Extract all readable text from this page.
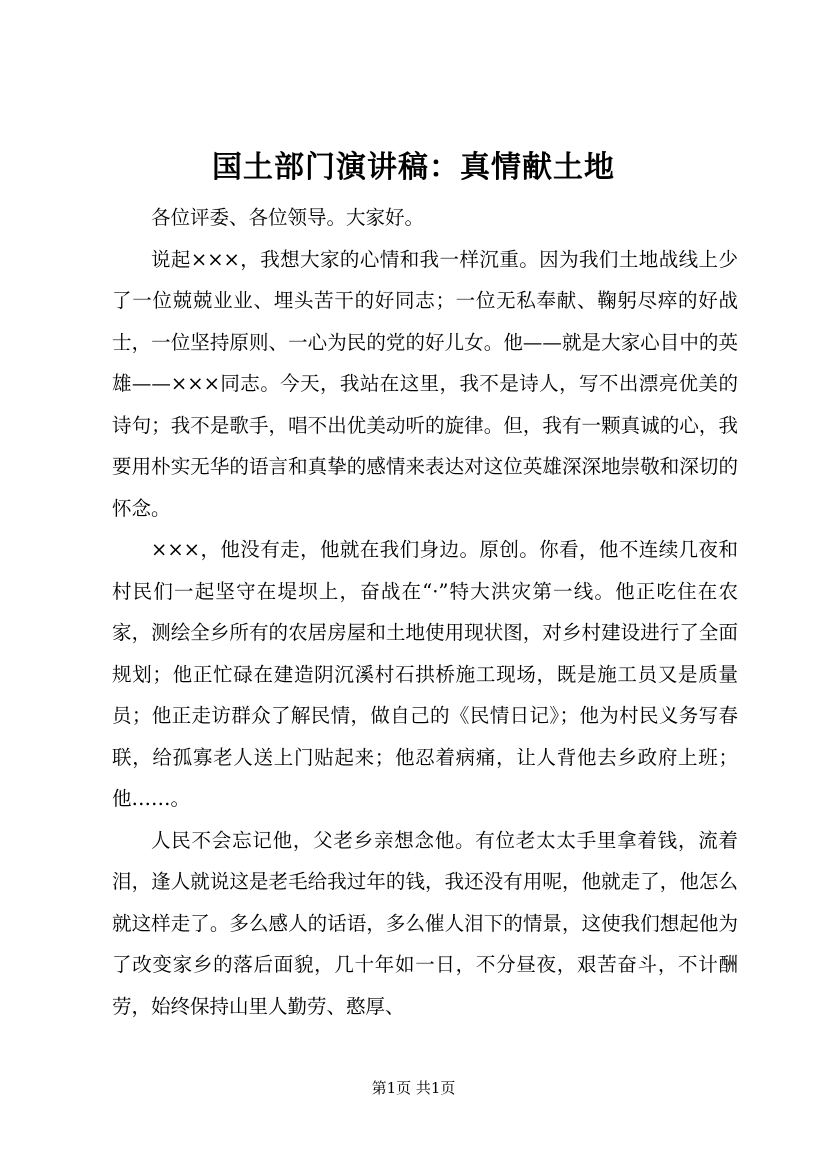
国土部门演讲稿：真情献土地

各位评委、各位领导。大家好。

说起×××，我想大家的心情和我一样沉重。因为我们土地战线上少了一位兢兢业业、埋头苦干的好同志；一位无私奉献、鞠躬尽瘁的好战士，一位坚持原则、一心为民的党的好儿女。他——就是大家心目中的英雄——×××同志。今天，我站在这里，我不是诗人，写不出漂亮优美的诗句；我不是歌手，唱不出优美动听的旋律。但，我有一颗真诚的心，我要用朴实无华的语言和真挚的感情来表达对这位英雄深深地崇敬和深切的怀念。

×××，他没有走，他就在我们身边。原创。你看，他不连续几夜和村民们一起坚守在堤坝上，奋战在“·”特大洪灾第一线。他正吃住在农家，测绘全乡所有的农居房屋和土地使用现状图，对乡村建设进行了全面规划；他正忙碌在建造阴沉溪村石拱桥施工现场，既是施工员又是质量员；他正走访群众了解民情，做自己的《民情日记》；他为村民义务写春联，给孤寡老人送上门贴起来；他忍着病痛，让人背他去乡政府上班；他……。

人民不会忘记他，父老乡亲想念他。有位老太太手里拿着钱，流着泪，逢人就说这是老毛给我过年的钱，我还没有用呢，他就走了，他怎么就这样走了。多么感人的话语，多么催人泪下的情景，这使我们想起他为了改变家乡的落后面貌，几十年如一日，不分昼夜，艰苦奋斗，不计酬劳，始终保持山里人勤劳、憨厚、

第1页 共1页
